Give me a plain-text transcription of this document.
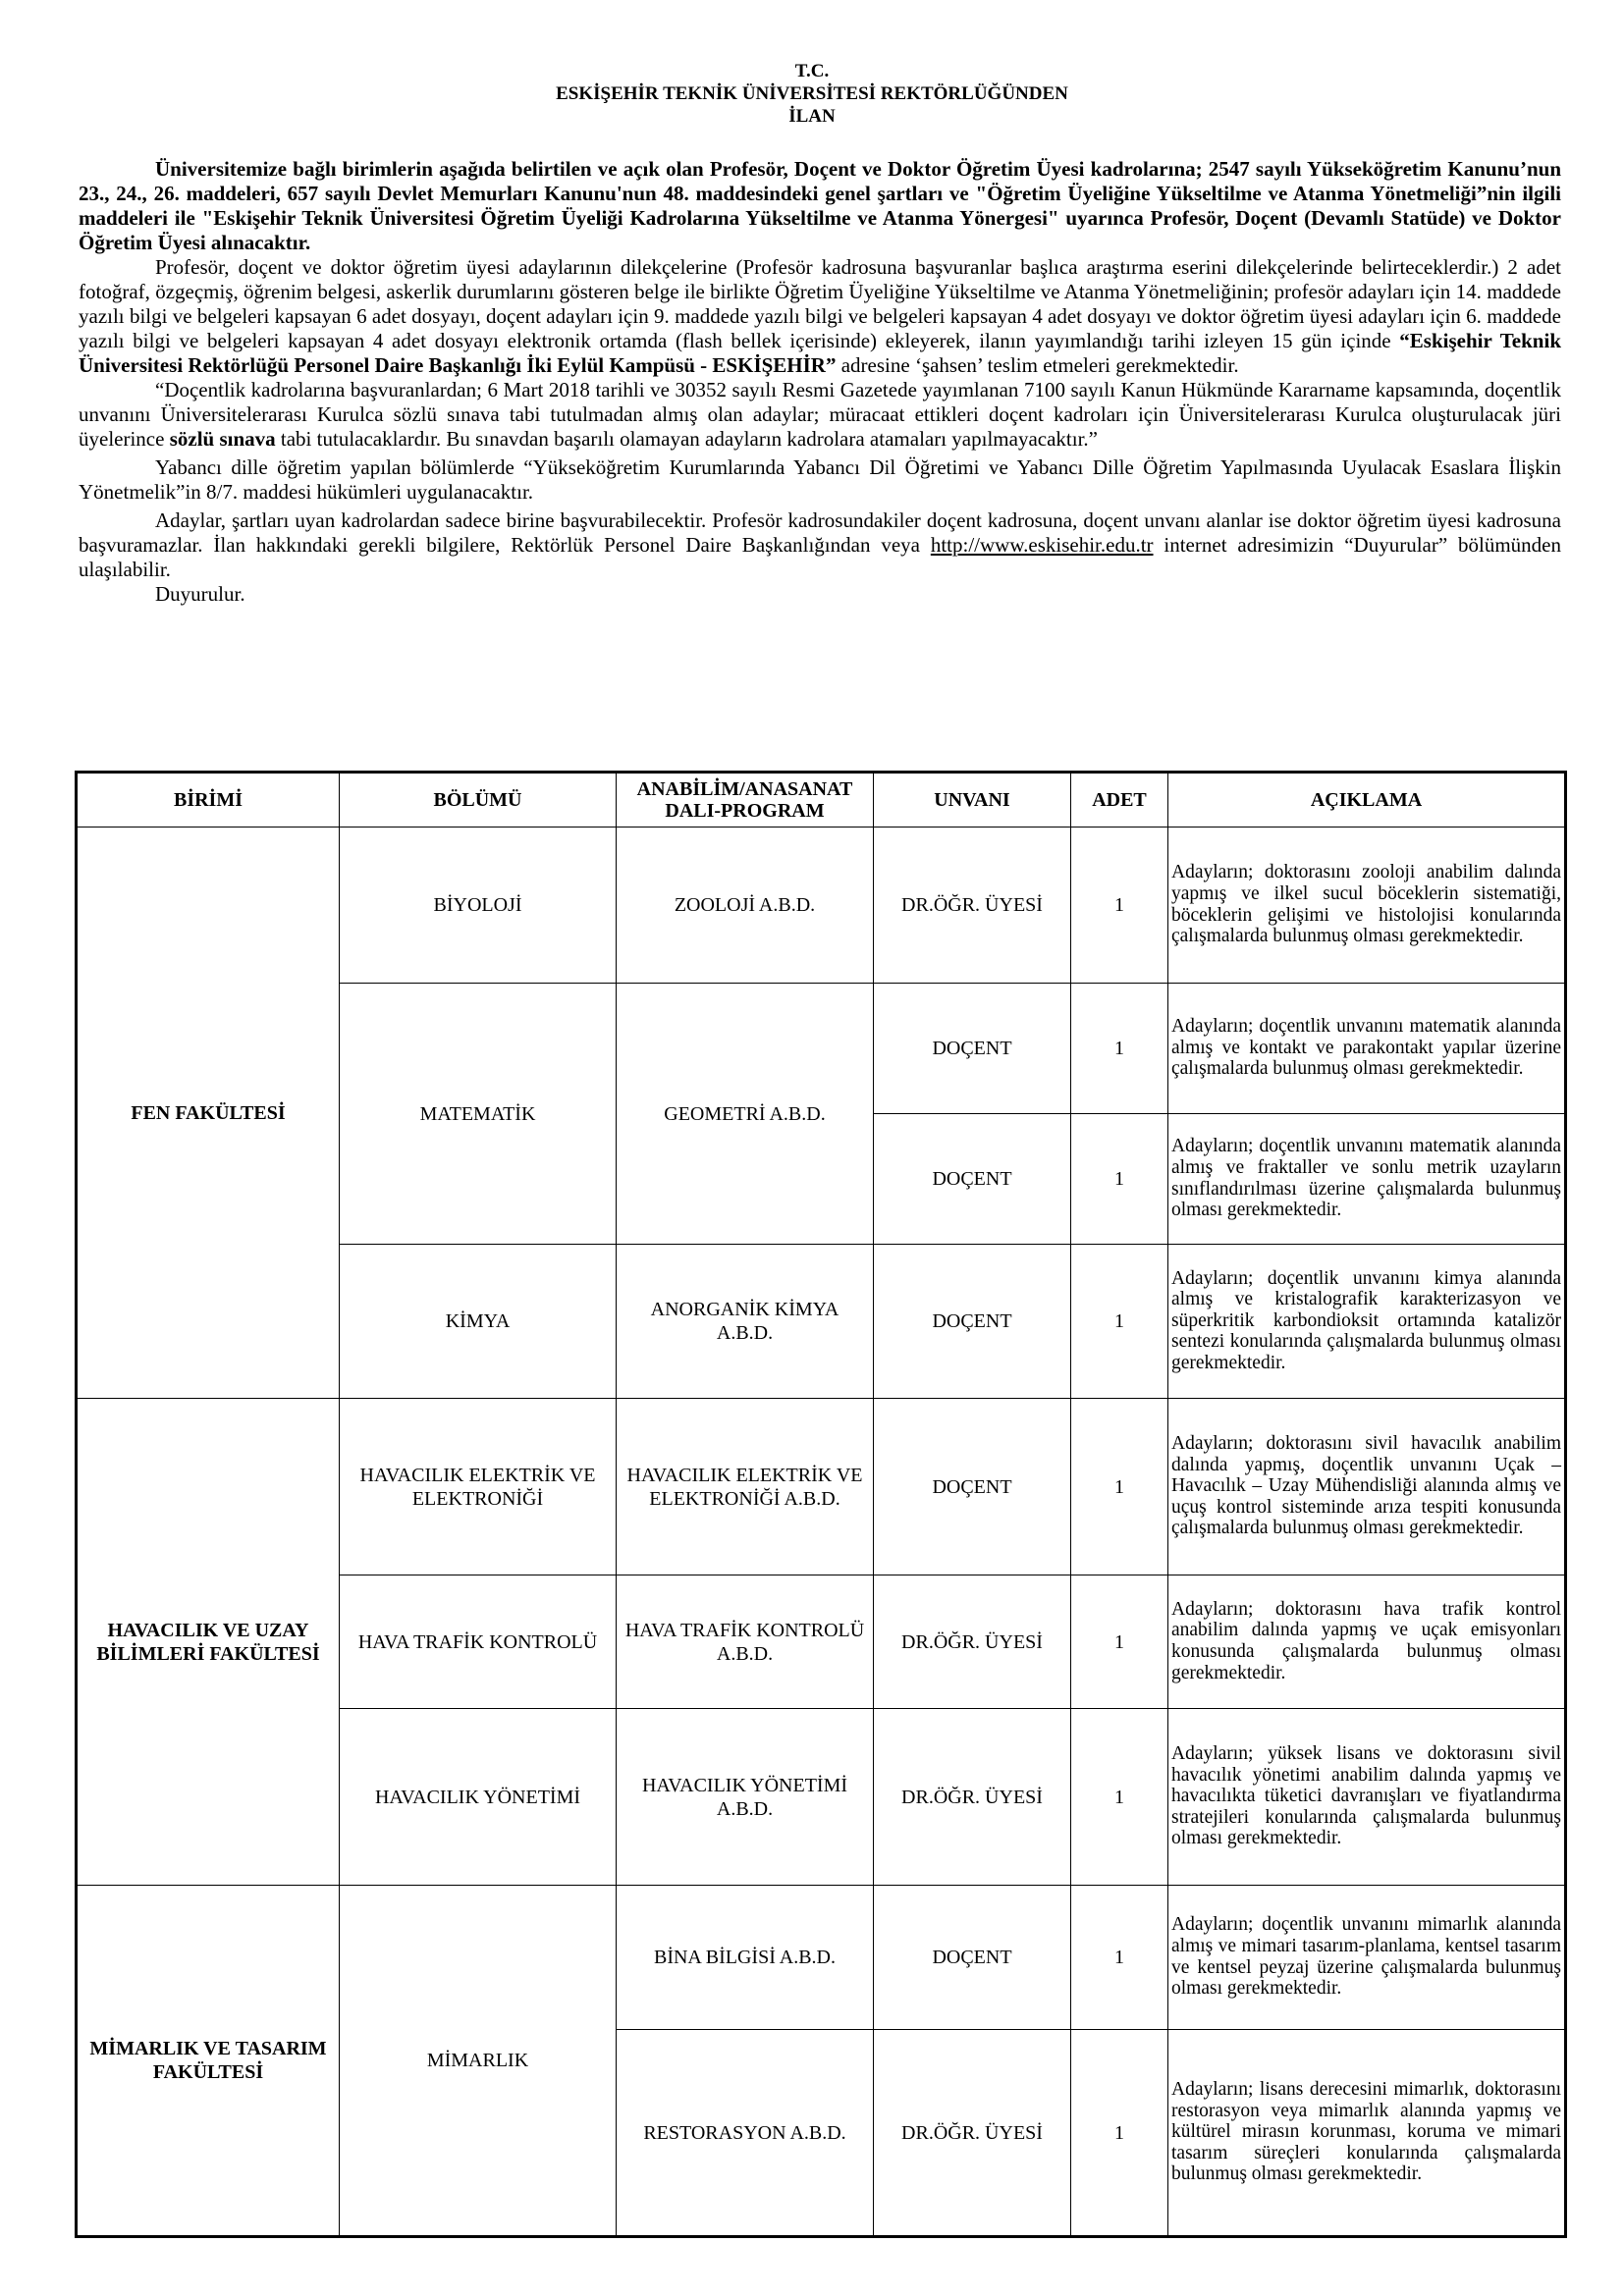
T.C.
ESKİŞEHİR TEKNİK ÜNİVERSİTESİ REKTÖRLÜĞÜNDEN
İLAN

Üniversitemize bağlı birimlerin aşağıda belirtilen ve açık olan Profesör, Doçent ve Doktor Öğretim Üyesi kadrolarına; 2547 sayılı Yükseköğretim Kanunu’nun 23., 24., 26. maddeleri, 657 sayılı Devlet Memurları Kanunu'nun 48. maddesindeki genel şartları ve "Öğretim Üyeliğine Yükseltilme ve Atanma Yönetmeliği”nin ilgili maddeleri ile "Eskişehir Teknik Üniversitesi Öğretim Üyeliği Kadrolarına Yükseltilme ve Atanma Yönergesi" uyarınca Profesör, Doçent (Devamlı Statüde) ve Doktor Öğretim Üyesi alınacaktır.

Profesör, doçent ve doktor öğretim üyesi adaylarının dilekçelerine (Profesör kadrosuna başvuranlar başlıca araştırma eserini dilekçelerinde belirteceklerdir.) 2 adet fotoğraf, özgeçmiş, öğrenim belgesi, askerlik durumlarını gösteren belge ile birlikte Öğretim Üyeliğine Yükseltilme ve Atanma Yönetmeliğinin; profesör adayları için 14. maddede yazılı bilgi ve belgeleri kapsayan 6 adet dosyayı, doçent adayları için 9. maddede yazılı bilgi ve belgeleri kapsayan 4 adet dosyayı ve doktor öğretim üyesi adayları için 6. maddede yazılı bilgi ve belgeleri kapsayan 4 adet dosyayı elektronik ortamda (flash bellek içerisinde) ekleyerek, ilanın yayımlandığı tarihi izleyen 15 gün içinde “Eskişehir Teknik Üniversitesi Rektörlüğü Personel Daire Başkanlığı İki Eylül Kampüsü - ESKİŞEHİR” adresine ‘şahsen’ teslim etmeleri gerekmektedir.

“Doçentlik kadrolarına başvuranlardan; 6 Mart 2018 tarihli ve 30352 sayılı Resmi Gazetede yayımlanan 7100 sayılı Kanun Hükmünde Kararname kapsamında, doçentlik unvanını Üniversitelerarası Kurulca sözlü sınava tabi tutulmadan almış olan adaylar; müracaat ettikleri doçent kadroları için Üniversitelerarası Kurulca oluşturulacak jüri üyelerince sözlü sınava tabi tutulacaklardır. Bu sınavdan başarılı olamayan adayların kadrolara atamaları yapılmayacaktır.”

Yabancı dille öğretim yapılan bölümlerde “Yükseköğretim Kurumlarında Yabancı Dil Öğretimi ve Yabancı Dille Öğretim Yapılmasında Uyulacak Esaslara İlişkin Yönetmelik”in 8/7. maddesi hükümleri uygulanacaktır.

Adaylar, şartları uyan kadrolardan sadece birine başvurabilecektir. Profesör kadrosundakiler doçent kadrosuna, doçent unvanı alanlar ise doktor öğretim üyesi kadrosuna başvuramazlar. İlan hakkındaki gerekli bilgilere, Rektörlük Personel Daire Başkanlığından veya http://www.eskisehir.edu.tr internet adresimizin “Duyurular” bölümünden ulaşılabilir.

Duyurulur.

BİRİMİ	BÖLÜMÜ	ANABİLİM/ANASANAT DALI-PROGRAM	UNVANI	ADET	AÇIKLAMA
FEN FAKÜLTESİ	BİYOLOJİ	ZOOLOJİ A.B.D.	DR.ÖĞR. ÜYESİ	1	Adayların; doktorasını zooloji anabilim dalında yapmış ve ilkel sucul böceklerin sistematiği, böceklerin gelişimi ve histolojisi konularında çalışmalarda bulunmuş olması gerekmektedir.
	MATEMATİK	GEOMETRİ A.B.D.	DOÇENT	1	Adayların; doçentlik unvanını matematik alanında almış ve kontakt ve parakontakt yapılar üzerine çalışmalarda bulunmuş olması gerekmektedir.
			DOÇENT	1	Adayların; doçentlik unvanını matematik alanında almış ve fraktaller ve sonlu metrik uzayların sınıflandırılması üzerine çalışmalarda bulunmuş olması gerekmektedir.
	KİMYA	ANORGANİK KİMYA A.B.D.	DOÇENT	1	Adayların; doçentlik unvanını kimya alanında almış ve kristalografik karakterizasyon ve süperkritik karbondioksit ortamında katalizör sentezi konularında çalışmalarda bulunmuş olması gerekmektedir.
HAVACILIK VE UZAY BİLİMLERİ FAKÜLTESİ	HAVACILIK ELEKTRİK VE ELEKTRONİĞİ	HAVACILIK ELEKTRİK VE ELEKTRONİĞİ A.B.D.	DOÇENT	1	Adayların; doktorasını sivil havacılık anabilim dalında yapmış, doçentlik unvanını Uçak – Havacılık – Uzay Mühendisliği alanında almış ve uçuş kontrol sisteminde arıza tespiti konusunda çalışmalarda bulunmuş olması gerekmektedir.
	HAVA TRAFİK KONTROLÜ	HAVA TRAFİK KONTROLÜ A.B.D.	DR.ÖĞR. ÜYESİ	1	Adayların; doktorasını hava trafik kontrol anabilim dalında yapmış ve uçak emisyonları konusunda çalışmalarda bulunmuş olması gerekmektedir.
	HAVACILIK YÖNETİMİ	HAVACILIK YÖNETİMİ A.B.D.	DR.ÖĞR. ÜYESİ	1	Adayların; yüksek lisans ve doktorasını sivil havacılık yönetimi anabilim dalında yapmış ve havacılıkta tüketici davranışları ve fiyatlandırma stratejileri konularında çalışmalarda bulunmuş olması gerekmektedir.
MİMARLIK VE TASARIM FAKÜLTESİ	MİMARLIK	BİNA BİLGİSİ A.B.D.	DOÇENT	1	Adayların; doçentlik unvanını mimarlık alanında almış ve mimari tasarım-planlama, kentsel tasarım ve kentsel peyzaj üzerine çalışmalarda bulunmuş olması gerekmektedir.
		RESTORASYON A.B.D.	DR.ÖĞR. ÜYESİ	1	Adayların; lisans derecesini mimarlık, doktorasını restorasyon veya mimarlık alanında yapmış ve kültürel mirasın korunması, koruma ve mimari tasarım süreçleri konularında çalışmalarda bulunmuş olması gerekmektedir.
